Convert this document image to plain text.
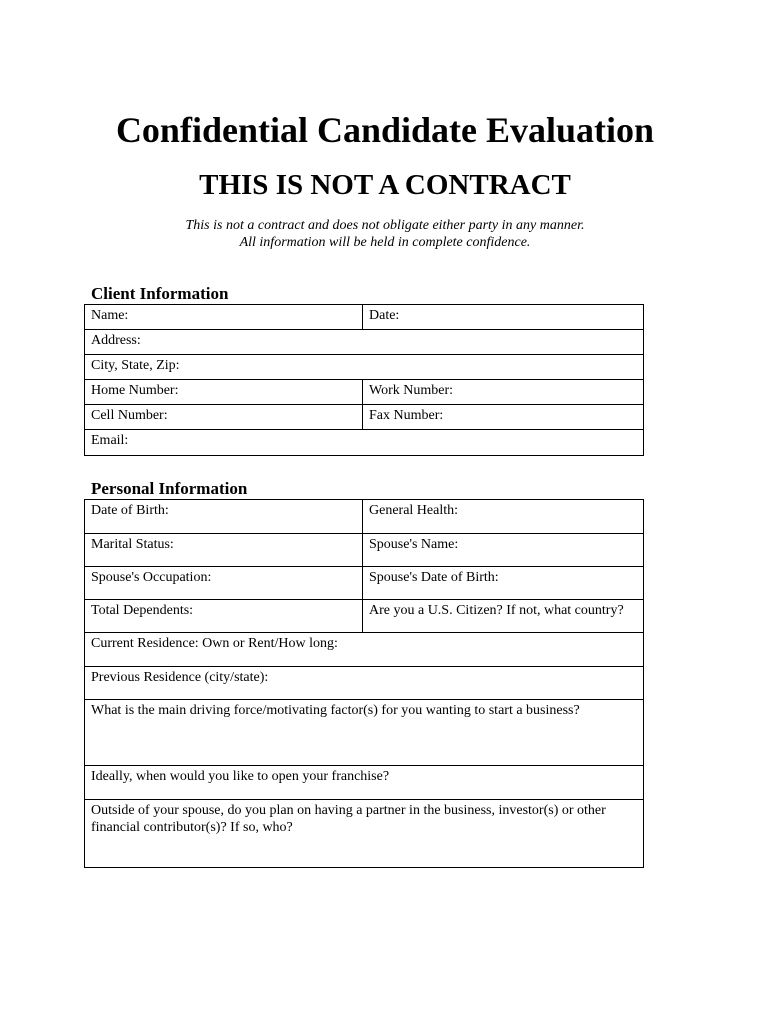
Confidential Candidate Evaluation
THIS IS NOT A CONTRACT
This is not a contract and does not obligate either party in any manner.
All information will be held in complete confidence.
Client Information
Name:	Date:
Address:	
City, State, Zip:	
Home Number:	Work Number:
Cell Number:	Fax Number:
Email:	
Personal Information
Date of Birth:	General Health:
Marital Status:	Spouse's Name:
Spouse's Occupation:	Spouse's Date of Birth:
Total Dependents:	Are you a U.S. Citizen? If not, what country?
Current Residence: Own or Rent/How long:	
Previous Residence (city/state):	
What is the main driving force/motivating factor(s) for you wanting to start a business?	
Ideally, when would you like to open your franchise?	
Outside of your spouse, do you plan on having a partner in the business, investor(s) or other financial contributor(s)? If so, who?	
